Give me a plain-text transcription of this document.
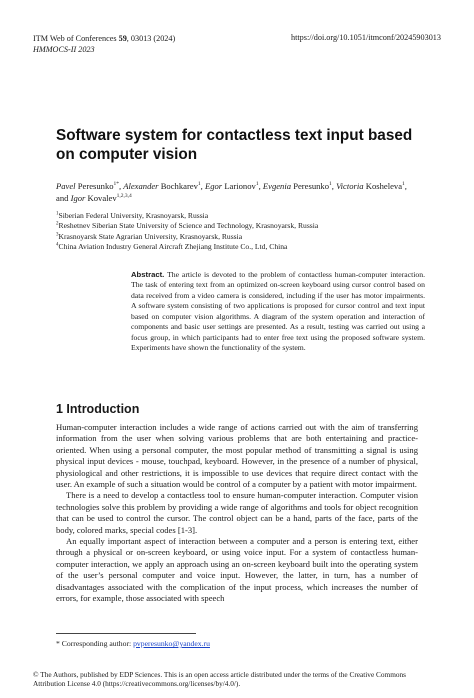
ITM Web of Conferences 59, 03013 (2024)
HMMOCS-II 2023
https://doi.org/10.1051/itmconf/20245903013
Software system for contactless text input based on computer vision

Pavel Peresunko$^{1*}$, Alexander Bochkarev$^1$, Egor Larionov$^1$, Evgenia Peresunko$^1$, Victoria Kosheleva$^1$, and Igor Kovalev$^{1,2,3,4}$

$^1$Siberian Federal University, Krasnoyarsk, Russia
$^2$Reshetnev Siberian State University of Science and Technology, Krasnoyarsk, Russia
$^3$Krasnoyarsk State Agrarian University, Krasnoyarsk, Russia
$^4$China Aviation Industry General Aircraft Zhejiang Institute Co., Ltd, China

Abstract. The article is devoted to the problem of contactless human-computer interaction. The task of entering text from an optimized on-screen keyboard using cursor control based on data received from a video camera is considered, including if the user has motor impairments. A software system consisting of two applications is proposed for cursor control and text input based on computer vision algorithms. A diagram of the system operation and interaction of components and basic user settings are presented. As a result, testing was carried out using a focus group, in which participants had to enter free text using the proposed software system. Experiments have shown the functionality of the system.

1 Introduction

Human-computer interaction includes a wide range of actions carried out with the aim of transferring information from the user when solving various problems that are both entertaining and practice-oriented. When using a personal computer, the most popular method of transmitting a signal is using physical input devices - mouse, touchpad, keyboard. However, in the presence of a number of physical, physiological and other restrictions, it is impossible to use devices that require direct contact with the user. An example of such a situation would be control of a computer by a patient with motor impairment.

There is a need to develop a contactless tool to ensure human-computer interaction. Computer vision technologies solve this problem by providing a wide range of algorithms and tools for object recognition that can be used to control the cursor. The control object can be a hand, parts of the face, parts of the body, colored marks, special codes [1-3].

An equally important aspect of interaction between a computer and a person is entering text, either through a physical or on-screen keyboard, or using voice input. For a system of contactless human-computer interaction, we apply an approach using an on-screen keyboard built into the operating system of the user’s personal computer and voice input. However, the latter, in turn, has a number of disadvantages associated with the complication of the input process, which increases the number of errors, for example, those associated with speech

* Corresponding author: pvperesunko@yandex.ru
© The Authors, published by EDP Sciences. This is an open access article distributed under the terms of the Creative Commons
Attribution License 4.0 (https://creativecommons.org/licenses/by/4.0/).
